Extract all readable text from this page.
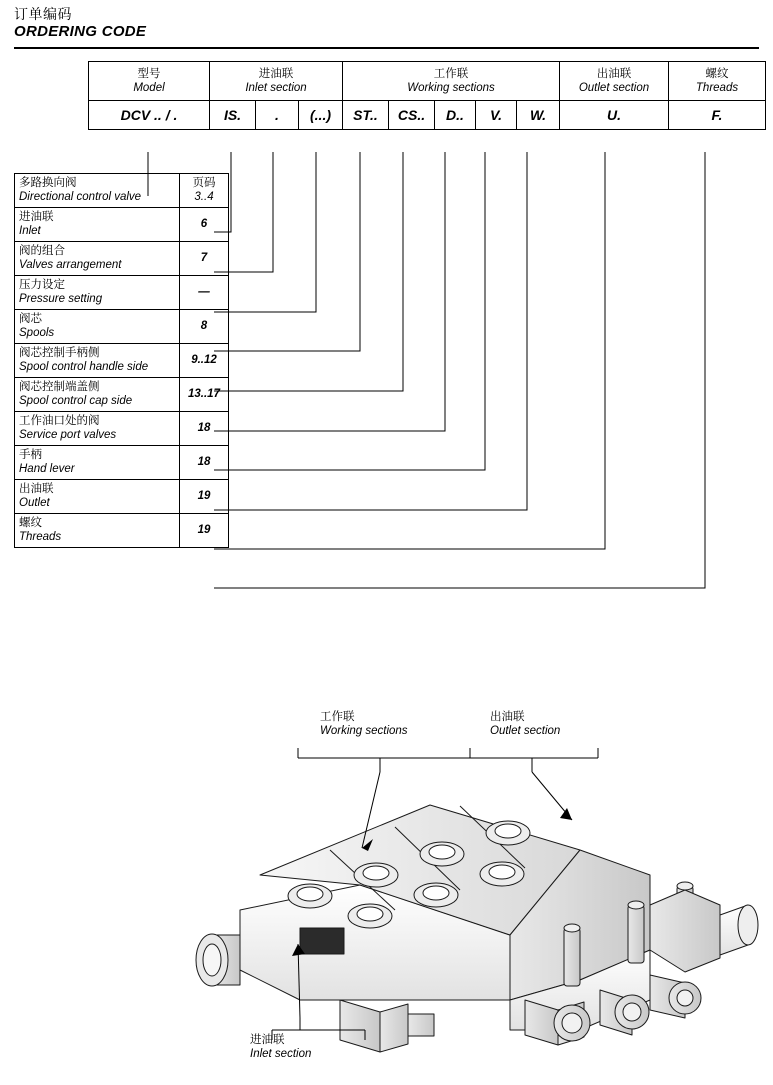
订单编码
ORDERING CODE
型号
Model	进油联
Inlet section			工作联
Working sections					出油联
Outlet section	螺纹
Threads

DCV .. / .	IS.	.	(...)	ST..	CS..	D..	V.	W.	U.	F.
多路换向阀
Directional control valve	页码
3..4

进油联
Inlet	6

阀的组合
Valves arrangement	7

压力设定
Pressure setting	—

阀芯
Spools	8

阀芯控制手柄侧
Spool control handle side	9..12

阀芯控制端盖侧
Spool control cap side	13..17

工作油口处的阀
Service port valves	18

手柄
Hand lever	18

出油联
Outlet	19

螺纹
Threads	19
工作联
Working sections
出油联
Outlet section
进油联
Inlet section
